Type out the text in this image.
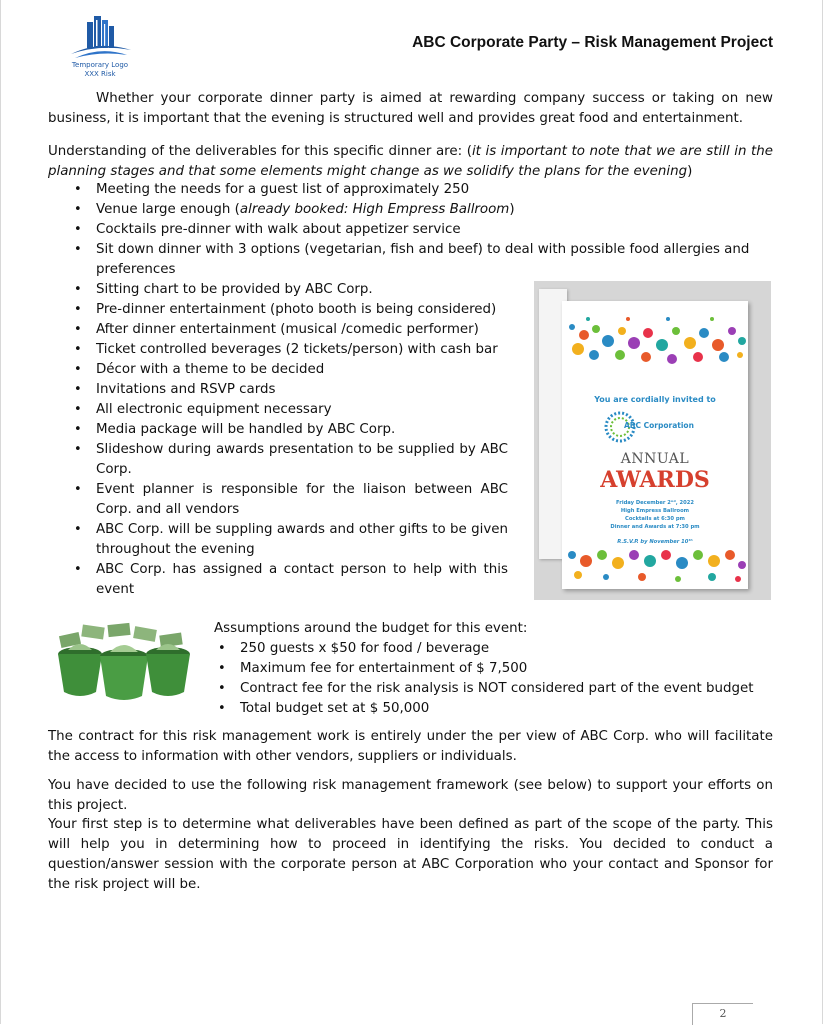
Temporary Logo
XXX Risk
ABC Corporate Party – Risk Management Project
Whether your corporate dinner party is aimed at rewarding company success or taking on new business, it is important that the evening is structured well and provides great food and entertainment.
Understanding of the deliverables for this specific dinner are: (it is important to note that we are still in the planning stages and that some elements might change as we solidify the plans for the evening)
• Meeting the needs for a guest list of approximately 250
• Venue large enough (already booked: High Empress Ballroom)
• Cocktails pre-dinner with walk about appetizer service
• Sit down dinner with 3 options (vegetarian, fish and beef) to deal with possible food allergies and preferences
• Sitting chart to be provided by ABC Corp.
• Pre-dinner entertainment (photo booth is being considered)
• After dinner entertainment (musical /comedic performer)
• Ticket controlled beverages (2 tickets/person) with cash bar
• Décor with a theme to be decided
• Invitations and RSVP cards
• All electronic equipment necessary
• Media package will be handled by ABC Corp.
• Slideshow during awards presentation to be supplied by ABC Corp.
• Event planner is responsible for the liaison between ABC Corp. and all vendors
• ABC Corp. will be suppling awards and other gifts to be given throughout the evening
• ABC Corp. has assigned a contact person to help with this event
You are cordially invited to
ABC Corporation
ANNUAL
AWARDS
Friday December 2ⁿᵈ, 2022
High Empress Ballroom
Cocktails at 6:30 pm
Dinner and Awards at 7:30 pm
R.S.V.P. by November 10ᵗʰ
Assumptions around the budget for this event:
• 250 guests x $50 for food / beverage
• Maximum fee for entertainment of $ 7,500
• Contract fee for the risk analysis is NOT considered part of the event budget
• Total budget set at $ 50,000
The contract for this risk management work is entirely under the per view of ABC Corp. who will facilitate the access to information with other vendors, suppliers or individuals.
You have decided to use the following risk management framework (see below) to support your efforts on this project.
Your first step is to determine what deliverables have been defined as part of the scope of the party. This will help you in determining how to proceed in identifying the risks. You decided to conduct a question/answer session with the corporate person at ABC Corporation who your contact and Sponsor for the risk project will be.
2
